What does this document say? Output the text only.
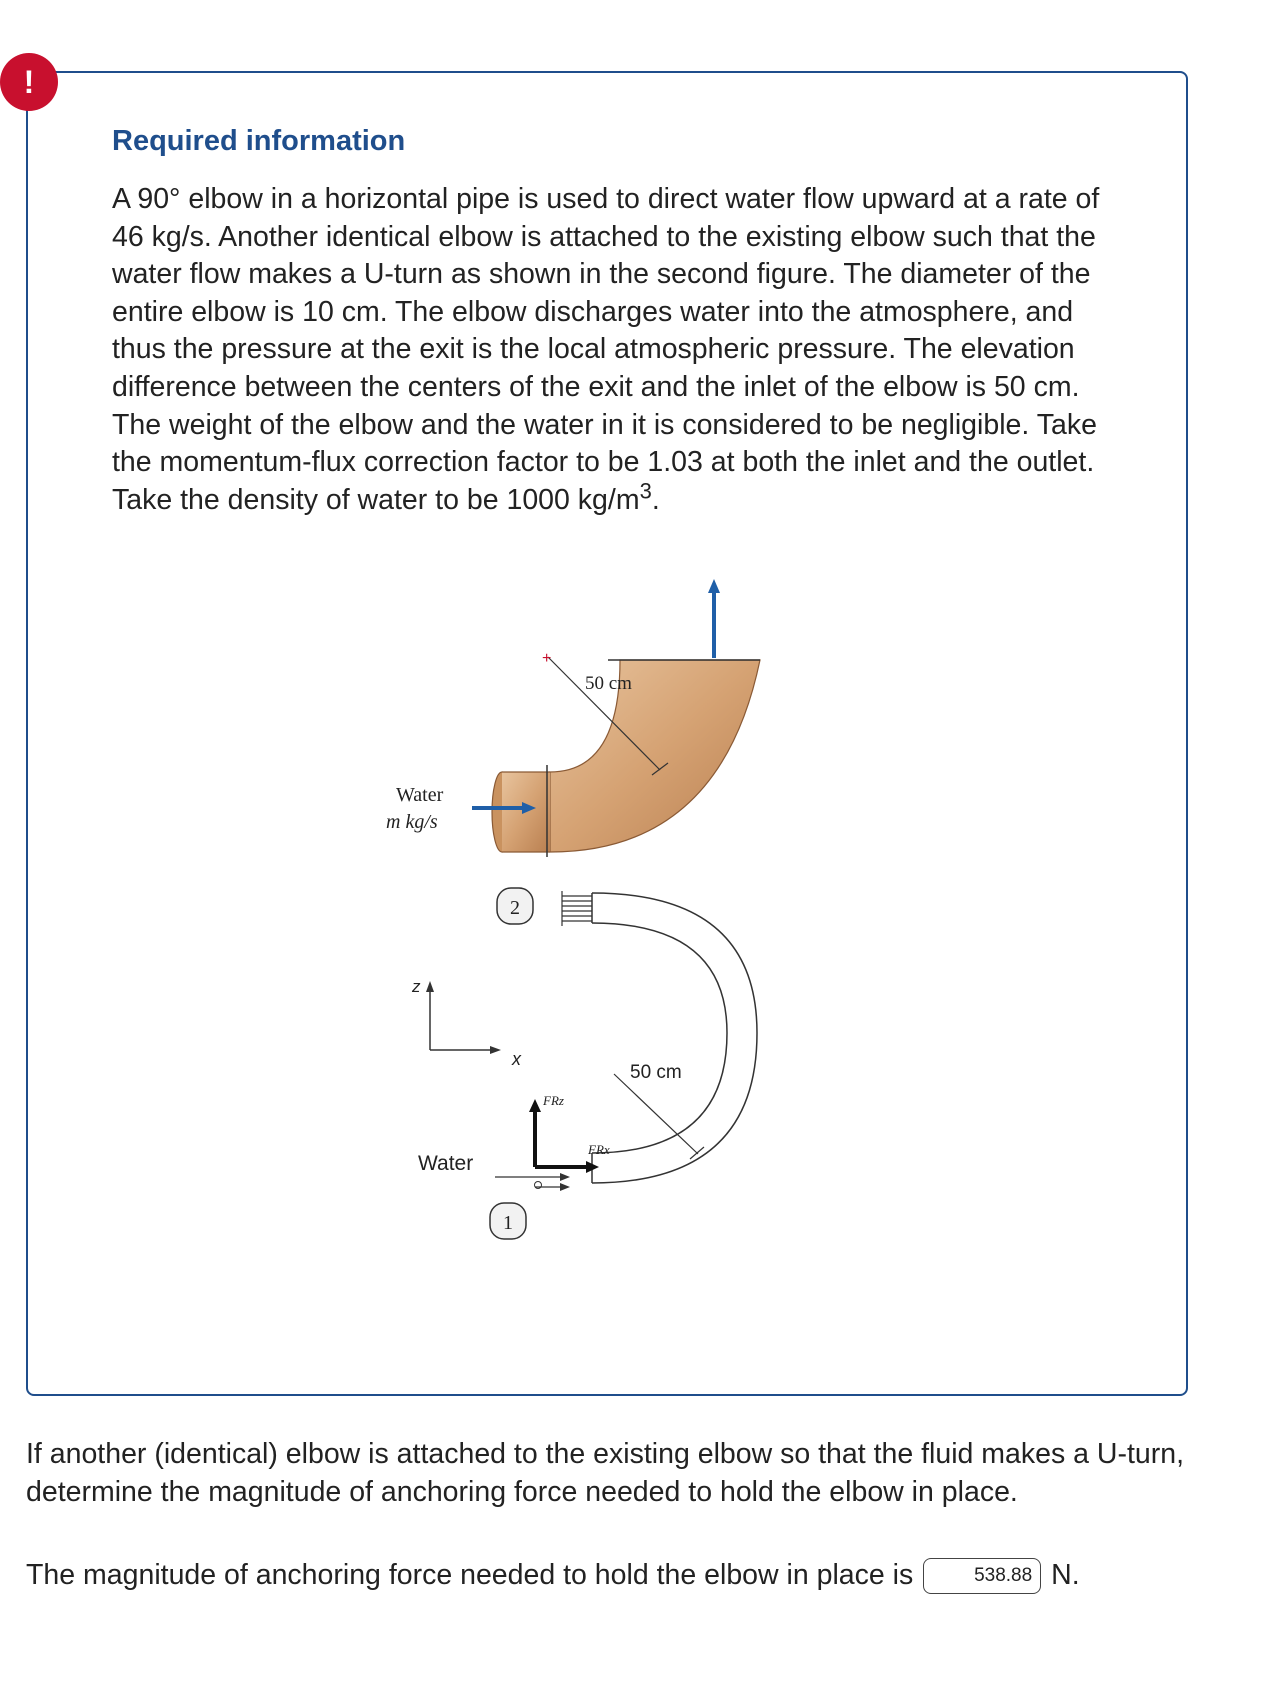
!
Required information

A 90° elbow in a horizontal pipe is used to direct water flow upward at a rate of 46 kg/s. Another identical elbow is attached to the existing elbow such that the water flow makes a U-turn as shown in the second figure. The diameter of the entire elbow is 10 cm. The elbow discharges water into the atmosphere, and thus the pressure at the exit is the local atmospheric pressure. The elevation difference between the centers of the exit and the inlet of the elbow is 50 cm. The weight of the elbow and the water in it is considered to be negligible. Take the momentum-flux correction factor to be 1.03 at both the inlet and the outlet. Take the density of water to be 1000 $kg/m^3$.

+
50 cm
Water
m kg/s
2
z
x
50 cm
FRz
FRx
Water
1

If another (identical) elbow is attached to the existing elbow so that the fluid makes a U-turn, determine the magnitude of anchoring force needed to hold the elbow in place.

The magnitude of anchoring force needed to hold the elbow in place is 538.88	N.
